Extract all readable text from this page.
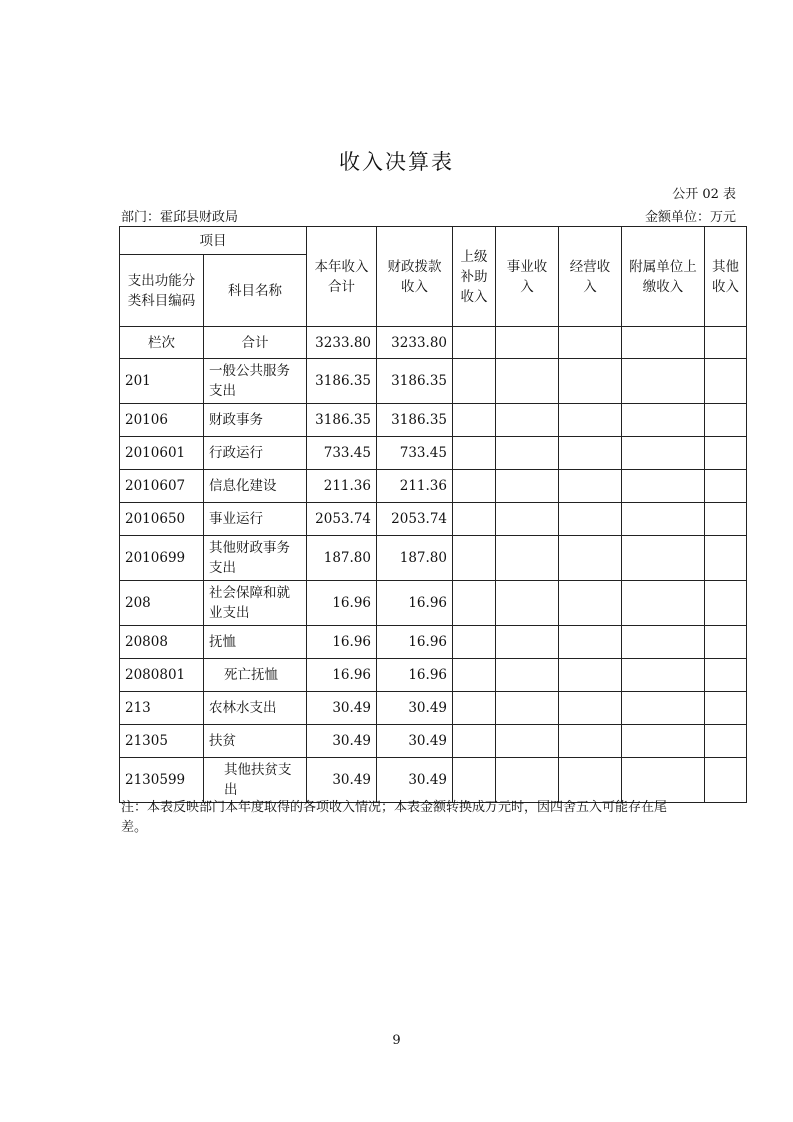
收入决算表
公开 02 表
部门：霍邱县财政局	金额单位：万元
项目		本年收入合计	财政拨款收入	上级补助收入	事业收入	经营收入	附属单位上缴收入	其他收入
支出功能分类科目编码	科目名称							
栏次	合计	3233.80	3233.80					
201	一般公共服务支出	3186.35	3186.35					
20106	财政事务	3186.35	3186.35					
2010601	行政运行	733.45	733.45					
2010607	信息化建设	211.36	211.36					
2010650	事业运行	2053.74	2053.74					
2010699	其他财政事务支出	187.80	187.80					
208	社会保障和就业支出	16.96	16.96					
20808	抚恤	16.96	16.96					
2080801	死亡抚恤	16.96	16.96					
213	农林水支出	30.49	30.49					
21305	扶贫	30.49	30.49					
2130599	其他扶贫支出	30.49	30.49					
注：本表反映部门本年度取得的各项收入情况；本表金额转换成万元时，因四舍五入可能存在尾差。
9
